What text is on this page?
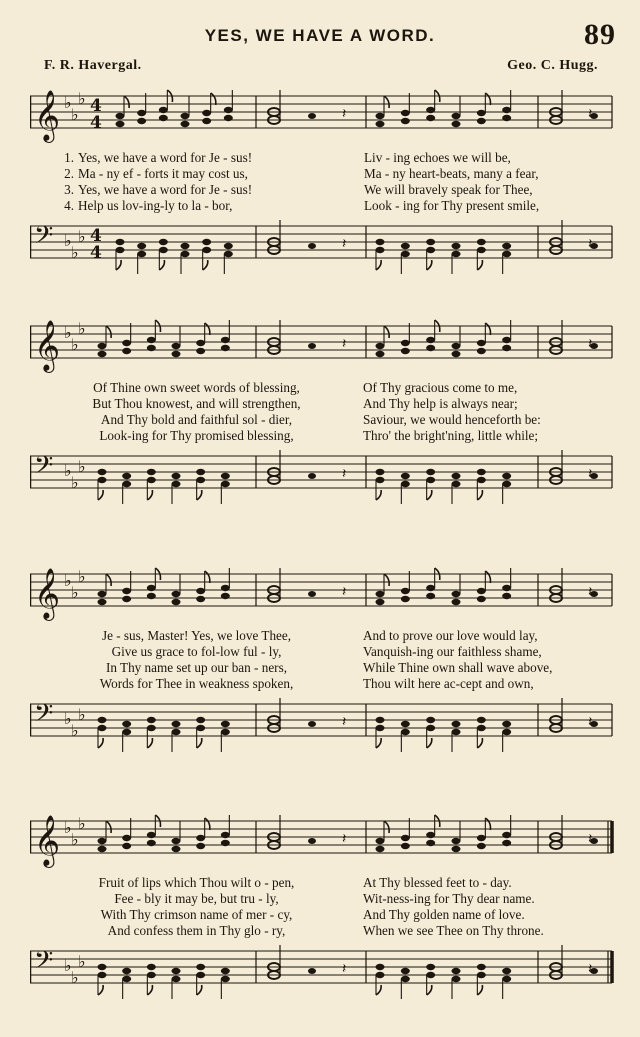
89
YES, WE HAVE A WORD.
F. R. Havergal.	Geo. C. Hugg.
𝄞 ♭
♭
♭ 4
4	𝄽	𝄽
1. Yes, we have a word for Je - sus!	Liv - ing echoes we will be,
2. Ma - ny ef - forts it may cost us,	Ma - ny heart-beats, many a fear,
3. Yes, we have a word for Je - sus!	We will bravely speak for Thee,
4. Help us lov-ing-ly to la - bor,	Look - ing for Thy present smile,
𝄢 ♭
♭
♭ 4
4	𝄽	𝄽
𝄞 ♭
♭
♭
𝄽	𝄽
Of Thine own sweet words of blessing,	Of Thy gracious come to me,
But Thou knowest, and will strengthen,	And Thy help is always near;
And Thy bold and faithful sol - dier,	Saviour, we would henceforth be:
Look-ing for Thy promised blessing,	Thro' the bright'ning, little while;
𝄢 ♭
♭
♭	𝄽	𝄽
𝄞 ♭
♭
♭
𝄽	𝄽
Je - sus, Master! Yes, we love Thee,	And to prove our love would lay,
Give us grace to fol-low ful - ly,	Vanquish-ing our faithless shame,
In Thy name set up our ban - ners,	While Thine own shall wave above,
Words for Thee in weakness spoken,	Thou wilt here ac-cept and own,
𝄢 ♭
♭
♭	𝄽	𝄽
𝄞 ♭
♭
♭
𝄽	𝄽
Fruit of lips which Thou wilt o - pen,	At Thy blessed feet to - day.
Fee - bly it may be, but tru - ly,	Wit-ness-ing for Thy dear name.
With Thy crimson name of mer - cy,	And Thy golden name of love.
And confess them in Thy glo - ry,	When we see Thee on Thy throne.
𝄢 ♭
♭
♭	𝄽	𝄽
